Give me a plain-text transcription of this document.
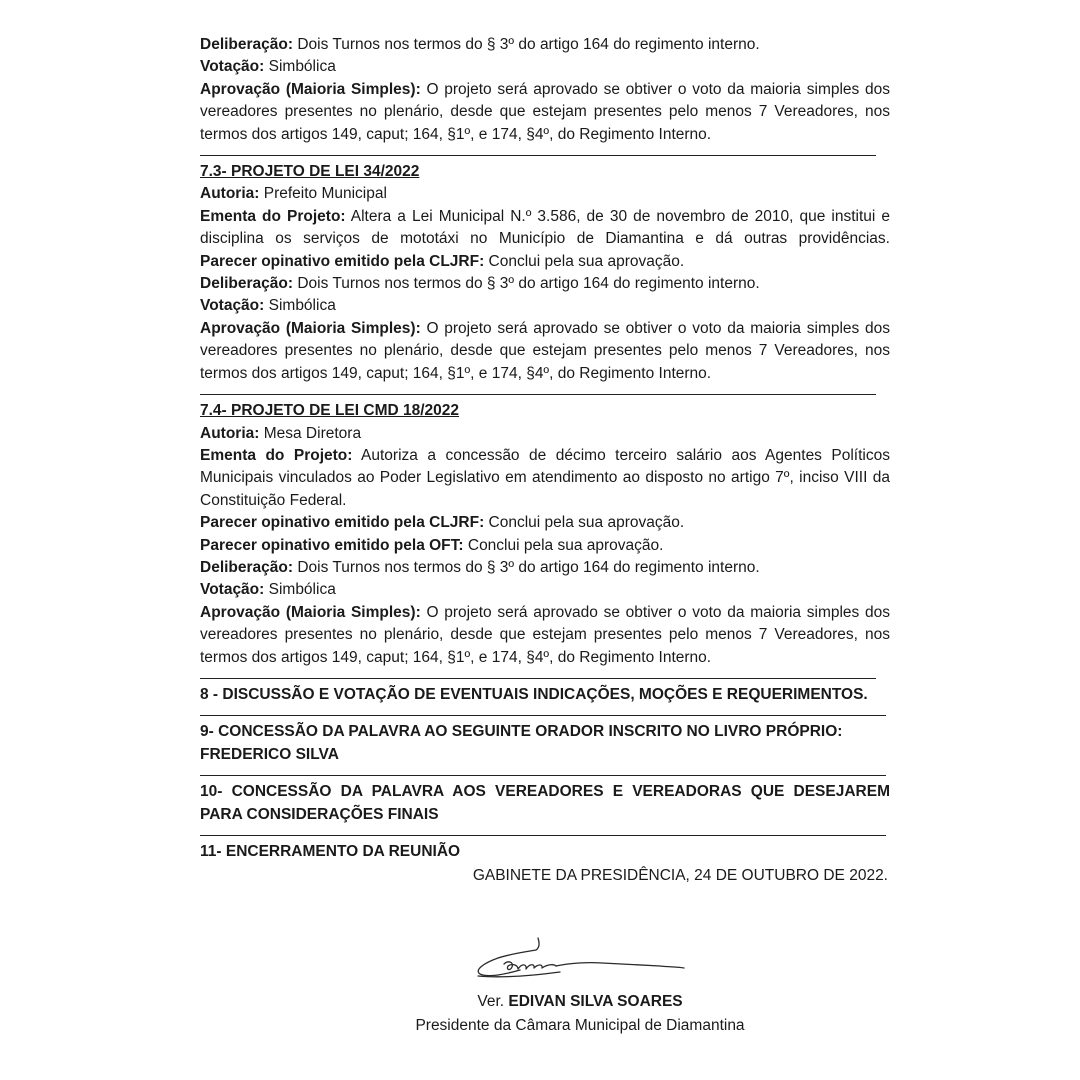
Deliberação: Dois Turnos nos termos do § 3º do artigo 164 do regimento interno.

Votação: Simbólica

Aprovação (Maioria Simples): O projeto será aprovado se obtiver o voto da maioria simples dos vereadores presentes no plenário, desde que estejam presentes pelo menos 7 Vereadores, nos termos dos artigos 149, caput; 164, §1º, e 174, §4º, do Regimento Interno.

7.3- PROJETO DE LEI 34/2022

Autoria: Prefeito Municipal

Ementa do Projeto: Altera a Lei Municipal N.º 3.586, de 30 de novembro de 2010, que institui e disciplina os serviços de mototáxi no Município de Diamantina e dá outras providências.

Parecer opinativo emitido pela CLJRF: Conclui pela sua aprovação.

Deliberação: Dois Turnos nos termos do § 3º do artigo 164 do regimento interno.

Votação: Simbólica

Aprovação (Maioria Simples): O projeto será aprovado se obtiver o voto da maioria simples dos vereadores presentes no plenário, desde que estejam presentes pelo menos 7 Vereadores, nos termos dos artigos 149, caput; 164, §1º, e 174, §4º, do Regimento Interno.

7.4- PROJETO DE LEI CMD 18/2022

Autoria: Mesa Diretora

Ementa do Projeto: Autoriza a concessão de décimo terceiro salário aos Agentes Políticos Municipais vinculados ao Poder Legislativo em atendimento ao disposto no artigo 7º, inciso VIII da Constituição Federal.

Parecer opinativo emitido pela CLJRF: Conclui pela sua aprovação.

Parecer opinativo emitido pela OFT: Conclui pela sua aprovação.

Deliberação: Dois Turnos nos termos do § 3º do artigo 164 do regimento interno.

Votação: Simbólica

Aprovação (Maioria Simples): O projeto será aprovado se obtiver o voto da maioria simples dos vereadores presentes no plenário, desde que estejam presentes pelo menos 7 Vereadores, nos termos dos artigos 149, caput; 164, §1º, e 174, §4º, do Regimento Interno.

8 - DISCUSSÃO E VOTAÇÃO DE EVENTUAIS INDICAÇÕES, MOÇÕES E REQUERIMENTOS.

9- CONCESSÃO DA PALAVRA AO SEGUINTE ORADOR INSCRITO NO LIVRO PRÓPRIO:

FREDERICO SILVA

10- CONCESSÃO DA PALAVRA AOS VEREADORES E VEREADORAS QUE DESEJAREM PARA CONSIDERAÇÕES FINAIS

11- ENCERRAMENTO DA REUNIÃO

GABINETE DA PRESIDÊNCIA, 24 DE OUTUBRO DE 2022.

Ver. EDIVAN SILVA SOARES
Presidente da Câmara Municipal de Diamantina
